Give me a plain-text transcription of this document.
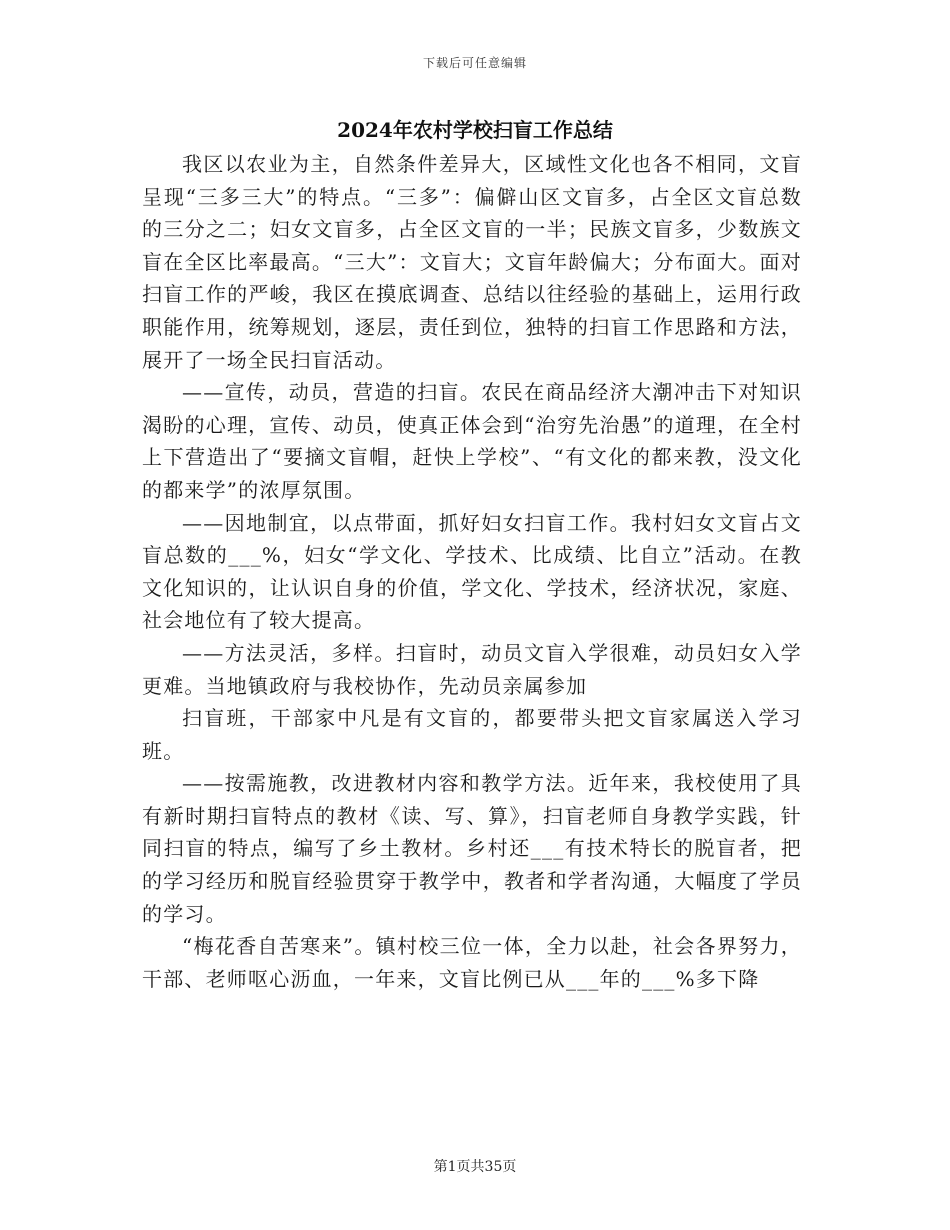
下载后可任意编辑
2024年农村学校扫盲工作总结

我区以农业为主，自然条件差异大，区域性文化也各不相同，文盲呈现“三多三大”的特点。“三多”：偏僻山区文盲多，占全区文盲总数的三分之二；妇女文盲多，占全区文盲的一半；民族文盲多，少数族文盲在全区比率最高。“三大”：文盲大；文盲年龄偏大；分布面大。面对扫盲工作的严峻，我区在摸底调查、总结以往经验的基础上，运用行政职能作用，统筹规划，逐层，责任到位，独特的扫盲工作思路和方法，展开了一场全民扫盲活动。

——宣传，动员，营造的扫盲。农民在商品经济大潮冲击下对知识渴盼的心理，宣传、动员，使真正体会到“治穷先治愚”的道理，在全村上下营造出了“要摘文盲帽，赶快上学校”、“有文化的都来教，没文化的都来学”的浓厚氛围。

——因地制宜，以点带面，抓好妇女扫盲工作。我村妇女文盲占文盲总数的___%，妇女“学文化、学技术、比成绩、比自立”活动。在教文化知识的，让认识自身的价值，学文化、学技术，经济状况，家庭、社会地位有了较大提高。

——方法灵活，多样。扫盲时，动员文盲入学很难，动员妇女入学更难。当地镇政府与我校协作，先动员亲属参加

扫盲班，干部家中凡是有文盲的，都要带头把文盲家属送入学习班。

——按需施教，改进教材内容和教学方法。近年来，我校使用了具有新时期扫盲特点的教材《读、写、算》，扫盲老师自身教学实践，针同扫盲的特点，编写了乡土教材。乡村还___有技术特长的脱盲者，把的学习经历和脱盲经验贯穿于教学中，教者和学者沟通，大幅度了学员的学习。

“梅花香自苦寒来”。镇村校三位一体，全力以赴，社会各界努力，干部、老师呕心沥血，一年来，文盲比例已从___年的___%多下降

第1页共35页
